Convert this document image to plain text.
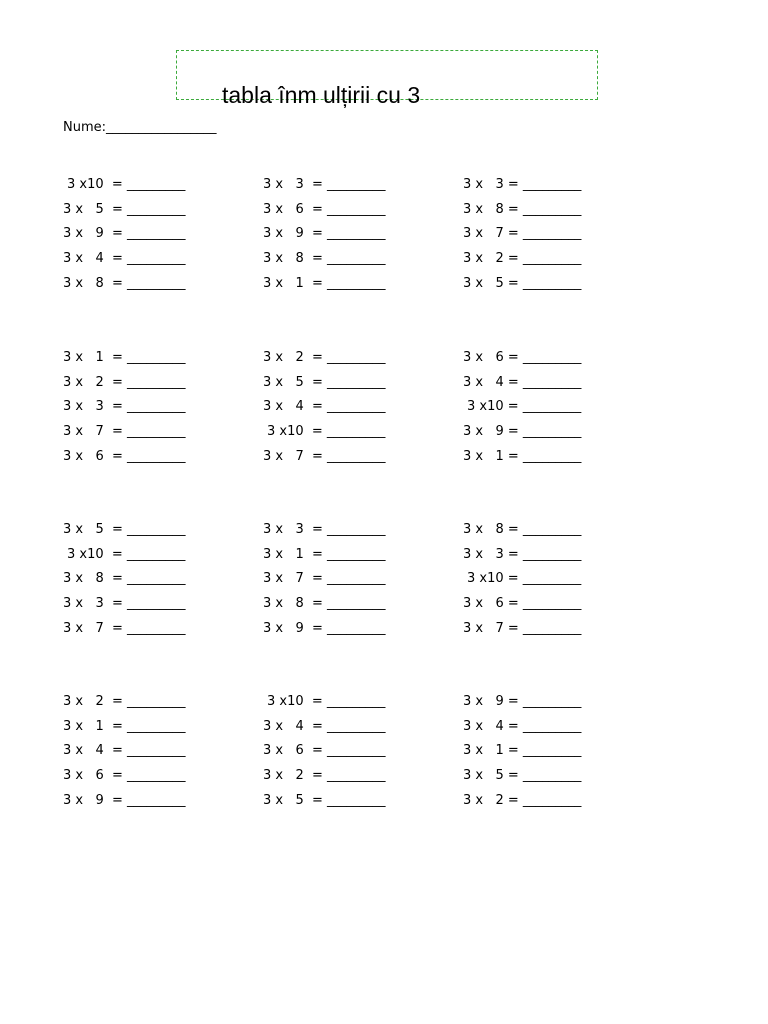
tabla înm ulțirii cu 3
Nume:_________________
3 x10  = _________
3 x   5  = _________
3 x   9  = _________
3 x   4  = _________
3 x   8  = _________
3 x   3  = _________
3 x   6  = _________
3 x   9  = _________
3 x   8  = _________
3 x   1  = _________
3 x   3 = _________
3 x   8 = _________
3 x   7 = _________
3 x   2 = _________
3 x   5 = _________
3 x   1  = _________
3 x   2  = _________
3 x   3  = _________
3 x   7  = _________
3 x   6  = _________
3 x   2  = _________
3 x   5  = _________
3 x   4  = _________
3 x10  = _________
3 x   7  = _________
3 x   6 = _________
3 x   4 = _________
3 x10 = _________
3 x   9 = _________
3 x   1 = _________
3 x   5  = _________
3 x10  = _________
3 x   8  = _________
3 x   3  = _________
3 x   7  = _________
3 x   3  = _________
3 x   1  = _________
3 x   7  = _________
3 x   8  = _________
3 x   9  = _________
3 x   8 = _________
3 x   3 = _________
3 x10 = _________
3 x   6 = _________
3 x   7 = _________
3 x   2  = _________
3 x   1  = _________
3 x   4  = _________
3 x   6  = _________
3 x   9  = _________
3 x10  = _________
3 x   4  = _________
3 x   6  = _________
3 x   2  = _________
3 x   5  = _________
3 x   9 = _________
3 x   4 = _________
3 x   1 = _________
3 x   5 = _________
3 x   2 = _________
